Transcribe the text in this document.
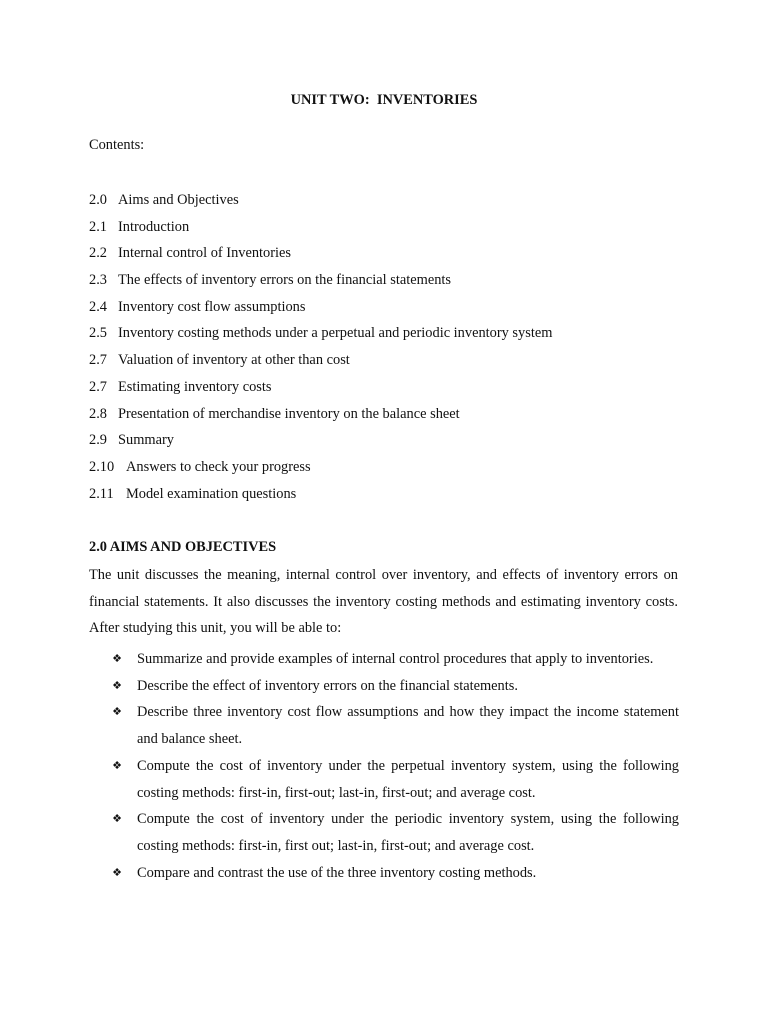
UNIT TWO:  INVENTORIES
Contents:
2.0 Aims and Objectives
2.1 Introduction
2.2 Internal control of Inventories
2.3 The effects of inventory errors on the financial statements
2.4 Inventory cost flow assumptions
2.5 Inventory costing methods under a perpetual and periodic inventory system
2.7 Valuation of inventory at other than cost
2.7 Estimating inventory costs
2.8 Presentation of merchandise inventory on the balance sheet
2.9 Summary
2.10 Answers to check your progress
2.11 Model examination questions
2.0 AIMS AND OBJECTIVES
The unit discusses the meaning, internal control over inventory, and effects of inventory errors on financial statements. It also discusses the inventory costing methods and estimating inventory costs. After studying this unit, you will be able to:
❖ Summarize and provide examples of internal control procedures that apply to inventories.
❖ Describe the effect of inventory errors on the financial statements.
❖ Describe three inventory cost flow assumptions and how they impact the income statement and balance sheet.
❖ Compute the cost of inventory under the perpetual inventory system, using the following costing methods: first-in, first-out; last-in, first-out; and average cost.
❖ Compute the cost of inventory under the periodic inventory system, using the following costing methods: first-in, first out; last-in, first-out; and average cost.
❖ Compare and contrast the use of the three inventory costing methods.
